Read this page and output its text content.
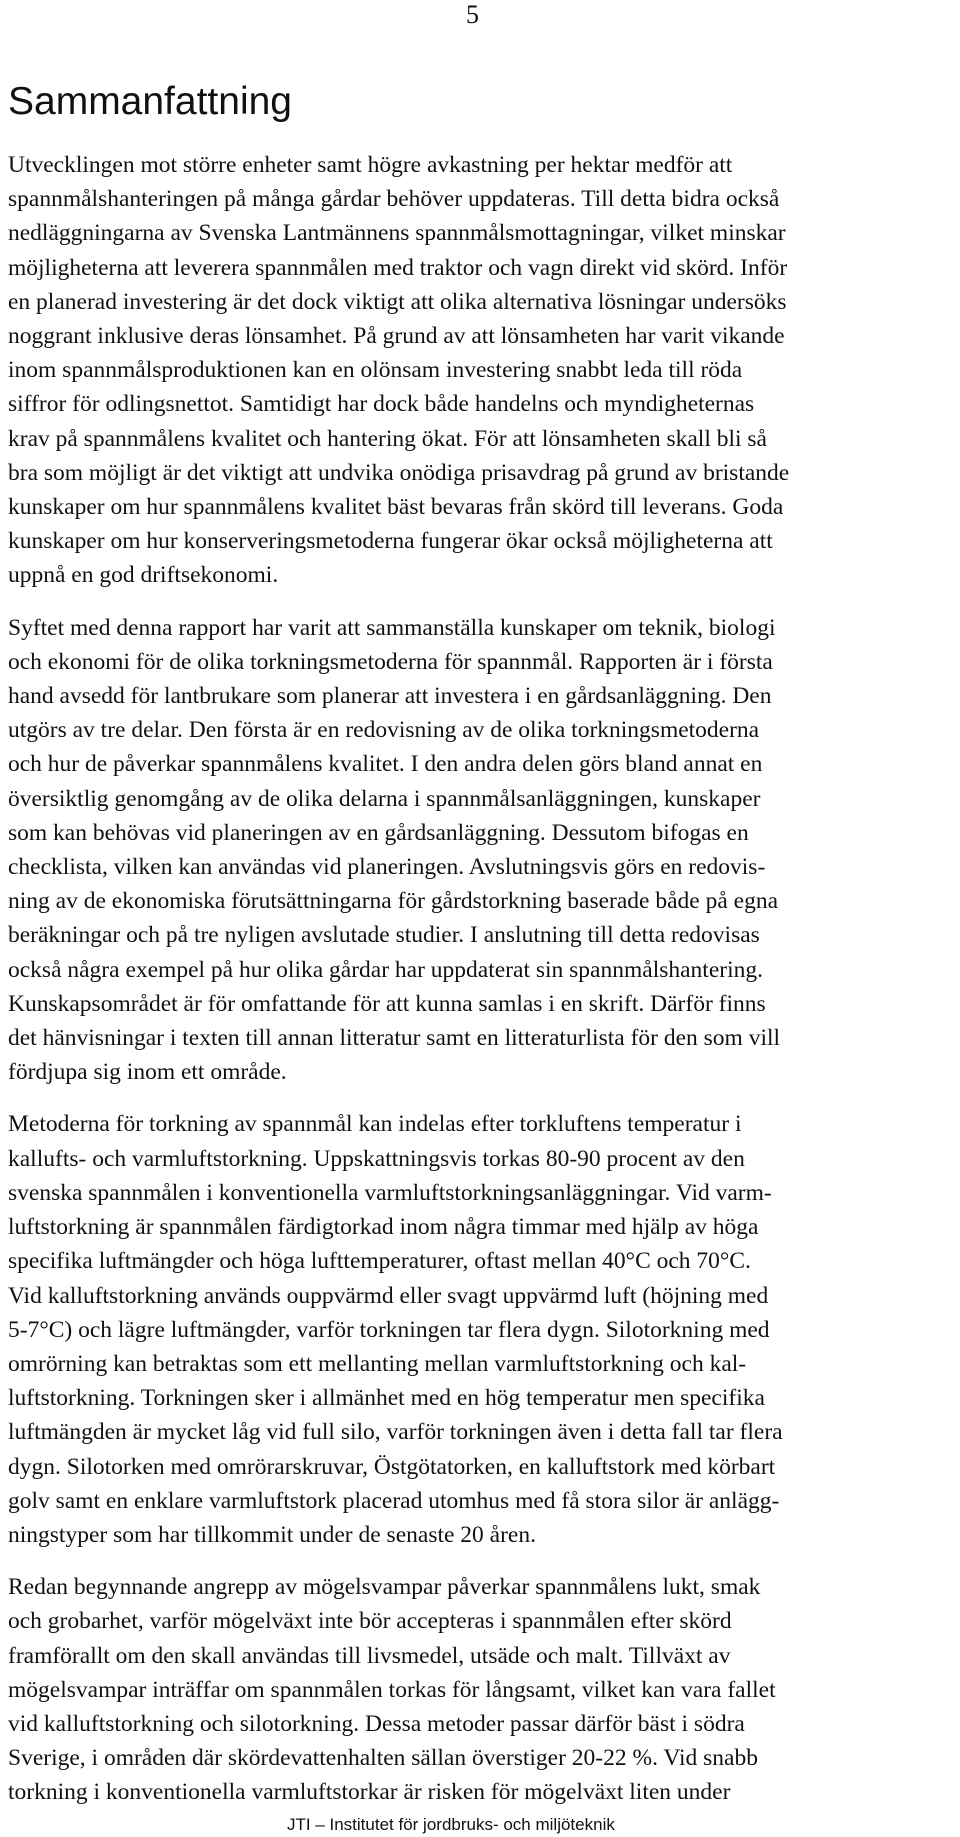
5
Sammanfattning
Utvecklingen mot större enheter samt högre avkastning per hektar medför att
spannmålshanteringen på många gårdar behöver uppdateras. Till detta bidra också
nedläggningarna av Svenska Lantmännens spannmålsmottagningar, vilket minskar
möjligheterna att leverera spannmålen med traktor och vagn direkt vid skörd. Inför
en planerad investering är det dock viktigt att olika alternativa lösningar undersöks
noggrant inklusive deras lönsamhet. På grund av att lönsamheten har varit vikande
inom spannmålsproduktionen kan en olönsam investering snabbt leda till röda
siffror för odlingsnettot. Samtidigt har dock både handelns och myndigheternas
krav på spannmålens kvalitet och hantering ökat. För att lönsamheten skall bli så
bra som möjligt är det viktigt att undvika onödiga prisavdrag på grund av bristande
kunskaper om hur spannmålens kvalitet bäst bevaras från skörd till leverans. Goda
kunskaper om hur konserveringsmetoderna fungerar ökar också möjligheterna att
uppnå en god driftsekonomi.
Syftet med denna rapport har varit att sammanställa kunskaper om teknik, biologi
och ekonomi för de olika torkningsmetoderna för spannmål. Rapporten är i första
hand avsedd för lantbrukare som planerar att investera i en gårdsanläggning. Den
utgörs av tre delar. Den första är en redovisning av de olika torkningsmetoderna
och hur de påverkar spannmålens kvalitet. I den andra delen görs bland annat en
översiktlig genomgång av de olika delarna i spannmålsanläggningen, kunskaper
som kan behövas vid planeringen av en gårdsanläggning. Dessutom bifogas en
checklista, vilken kan användas vid planeringen. Avslutningsvis görs en redovis-
ning av de ekonomiska förutsättningarna för gårdstorkning baserade både på egna
beräkningar och på tre nyligen avslutade studier. I anslutning till detta redovisas
också några exempel på hur olika gårdar har uppdaterat sin spannmålshantering.
Kunskapsområdet är för omfattande för att kunna samlas i en skrift. Därför finns
det hänvisningar i texten till annan litteratur samt en litteraturlista för den som vill
fördjupa sig inom ett område.
Metoderna för torkning av spannmål kan indelas efter torkluftens temperatur i
kallufts- och varmluftstorkning. Uppskattningsvis torkas 80-90 procent av den
svenska spannmålen i konventionella varmluftstorkningsanläggningar. Vid varm-
luftstorkning är spannmålen färdigtorkad inom några timmar med hjälp av höga
specifika luftmängder och höga lufttemperaturer, oftast mellan 40°C och 70°C.
Vid kalluftstorkning används ouppvärmd eller svagt uppvärmd luft (höjning med
5-7°C) och lägre luftmängder, varför torkningen tar flera dygn. Silotorkning med
omrörning kan betraktas som ett mellanting mellan varmluftstorkning och kal-
luftstorkning. Torkningen sker i allmänhet med en hög temperatur men specifika
luftmängden är mycket låg vid full silo, varför torkningen även i detta fall tar flera
dygn. Silotorken med omrörarskruvar, Östgötatorken, en kalluftstork med körbart
golv samt en enklare varmluftstork placerad utomhus med få stora silor är anlägg-
ningstyper som har tillkommit under de senaste 20 åren.
Redan begynnande angrepp av mögelsvampar påverkar spannmålens lukt, smak
och grobarhet, varför mögelväxt inte bör accepteras i spannmålen efter skörd
framförallt om den skall användas till livsmedel, utsäde och malt. Tillväxt av
mögelsvampar inträffar om spannmålen torkas för långsamt, vilket kan vara fallet
vid kalluftstorkning och silotorkning. Dessa metoder passar därför bäst i södra
Sverige, i områden där skördevattenhalten sällan överstiger 20-22 %. Vid snabb
torkning i konventionella varmluftstorkar är risken för mögelväxt liten under
JTI – Institutet för jordbruks- och miljöteknik
